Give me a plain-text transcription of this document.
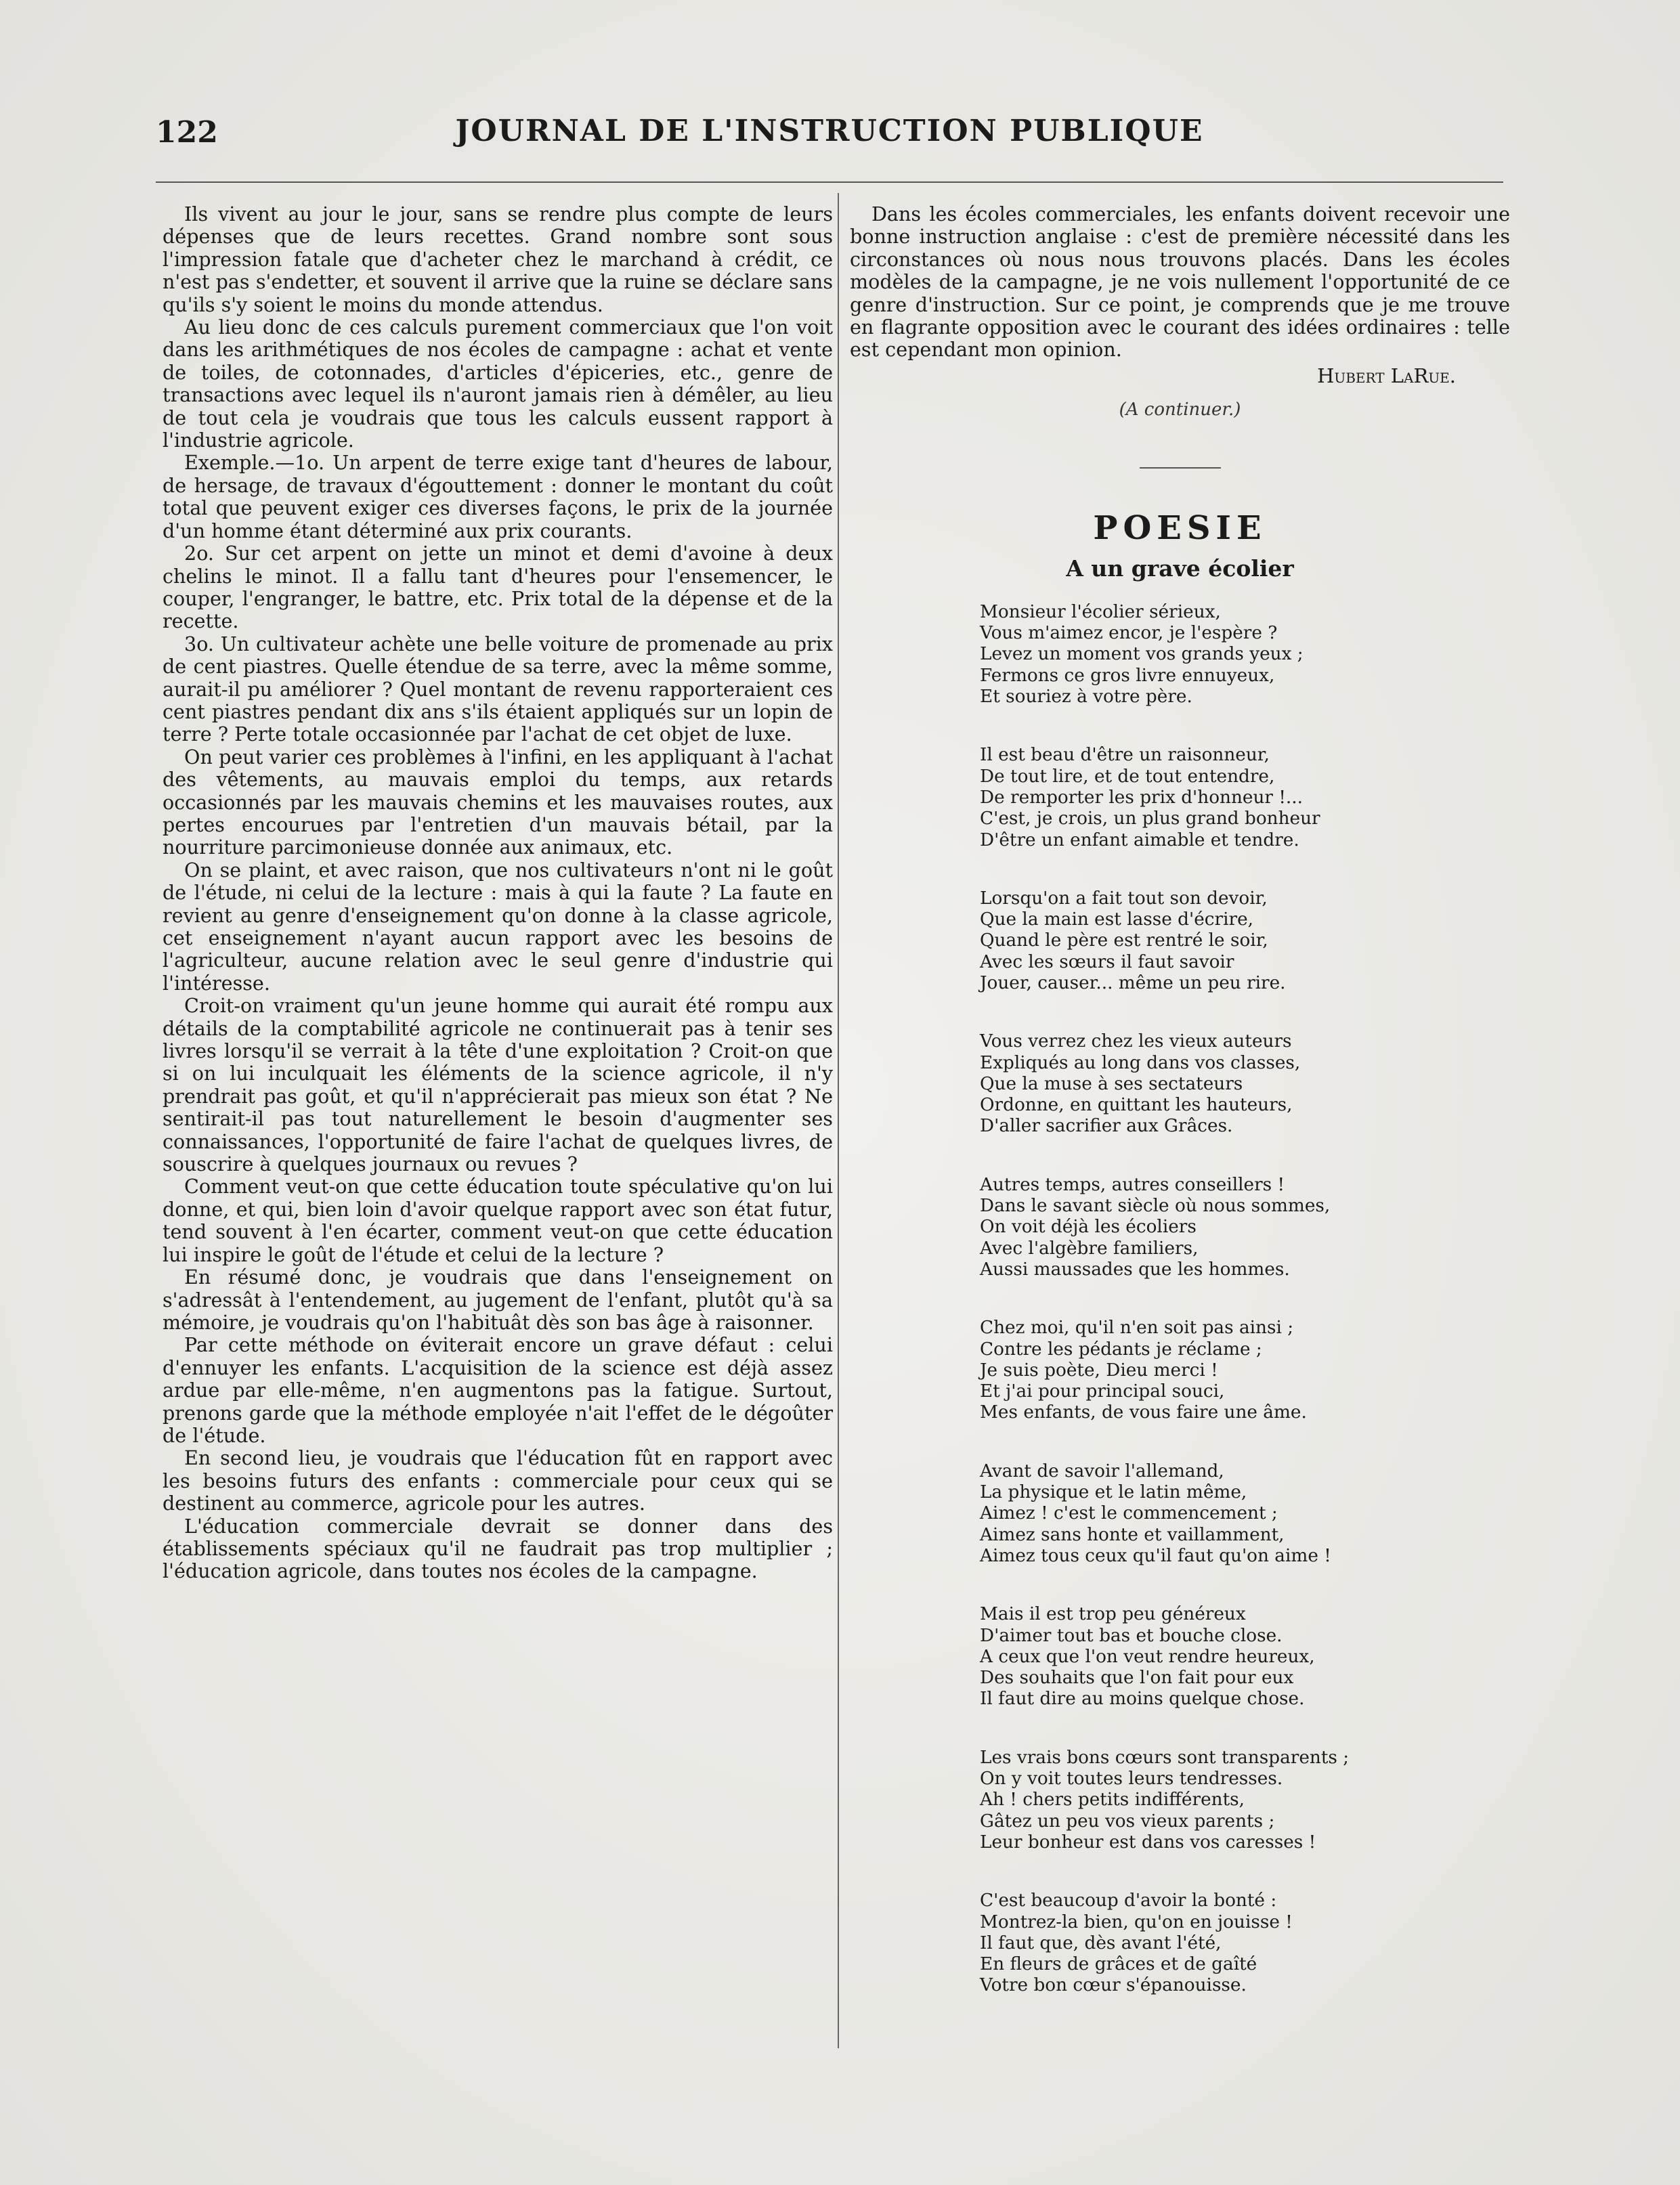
122	JOURNAL DE L'INSTRUCTION PUBLIQUE

Ils vivent au jour le jour, sans se rendre plus compte de leurs dépenses que de leurs recettes. Grand nombre sont sous l'impression fatale que d'acheter chez le marchand à crédit, ce n'est pas s'endetter, et souvent il arrive que la ruine se déclare sans qu'ils s'y soient le moins du monde attendus.

Au lieu donc de ces calculs purement commerciaux que l'on voit dans les arithmétiques de nos écoles de campagne : achat et vente de toiles, de cotonnades, d'articles d'épiceries, etc., genre de transactions avec lequel ils n'auront jamais rien à démêler, au lieu de tout cela je voudrais que tous les calculs eussent rapport à l'industrie agricole.

Exemple.—1o. Un arpent de terre exige tant d'heures de labour, de hersage, de travaux d'égouttement : donner le montant du coût total que peuvent exiger ces diverses façons, le prix de la journée d'un homme étant déterminé aux prix courants.

2o. Sur cet arpent on jette un minot et demi d'avoine à deux chelins le minot. Il a fallu tant d'heures pour l'ensemencer, le couper, l'engranger, le battre, etc. Prix total de la dépense et de la recette.

3o. Un cultivateur achète une belle voiture de promenade au prix de cent piastres. Quelle étendue de sa terre, avec la même somme, aurait-il pu améliorer ? Quel montant de revenu rapporteraient ces cent piastres pendant dix ans s'ils étaient appliqués sur un lopin de terre ? Perte totale occasionnée par l'achat de cet objet de luxe.

On peut varier ces problèmes à l'infini, en les appliquant à l'achat des vêtements, au mauvais emploi du temps, aux retards occasionnés par les mauvais chemins et les mauvaises routes, aux pertes encourues par l'entretien d'un mauvais bétail, par la nourriture parcimonieuse donnée aux animaux, etc.

On se plaint, et avec raison, que nos cultivateurs n'ont ni le goût de l'étude, ni celui de la lecture : mais à qui la faute ? La faute en revient au genre d'enseignement qu'on donne à la classe agricole, cet enseignement n'ayant aucun rapport avec les besoins de l'agriculteur, aucune relation avec le seul genre d'industrie qui l'intéresse.

Croit-on vraiment qu'un jeune homme qui aurait été rompu aux détails de la comptabilité agricole ne continuerait pas à tenir ses livres lorsqu'il se verrait à la tête d'une exploitation ? Croit-on que si on lui inculquait les éléments de la science agricole, il n'y prendrait pas goût, et qu'il n'apprécierait pas mieux son état ? Ne sentirait-il pas tout naturellement le besoin d'augmenter ses connaissances, l'opportunité de faire l'achat de quelques livres, de souscrire à quelques journaux ou revues ?

Comment veut-on que cette éducation toute spéculative qu'on lui donne, et qui, bien loin d'avoir quelque rapport avec son état futur, tend souvent à l'en écarter, comment veut-on que cette éducation lui inspire le goût de l'étude et celui de la lecture ?

En résumé donc, je voudrais que dans l'enseignement on s'adressât à l'entendement, au jugement de l'enfant, plutôt qu'à sa mémoire, je voudrais qu'on l'habituât dès son bas âge à raisonner.

Par cette méthode on éviterait encore un grave défaut : celui d'ennuyer les enfants. L'acquisition de la science est déjà assez ardue par elle-même, n'en augmentons pas la fatigue. Surtout, prenons garde que la méthode employée n'ait l'effet de le dégoûter de l'étude.

En second lieu, je voudrais que l'éducation fût en rapport avec les besoins futurs des enfants : commerciale pour ceux qui se destinent au commerce, agricole pour les autres.

L'éducation commerciale devrait se donner dans des établissements spéciaux qu'il ne faudrait pas trop multiplier ; l'éducation agricole, dans toutes nos écoles de la campagne.

Dans les écoles commerciales, les enfants doivent recevoir une bonne instruction anglaise : c'est de première nécessité dans les circonstances où nous nous trouvons placés. Dans les écoles modèles de la campagne, je ne vois nullement l'opportunité de ce genre d'instruction. Sur ce point, je comprends que je me trouve en flagrante opposition avec le courant des idées ordinaires : telle est cependant mon opinion.

Hubert LaRue.
(A continuer.)
POESIE
A un grave écolier
Monsieur l'écolier sérieux,
Vous m'aimez encor, je l'espère ?
Levez un moment vos grands yeux ;
Fermons ce gros livre ennuyeux,
Et souriez à votre père.
Il est beau d'être un raisonneur,
De tout lire, et de tout entendre,
De remporter les prix d'honneur !...
C'est, je crois, un plus grand bonheur
D'être un enfant aimable et tendre.
Lorsqu'on a fait tout son devoir,
Que la main est lasse d'écrire,
Quand le père est rentré le soir,
Avec les sœurs il faut savoir
Jouer, causer... même un peu rire.
Vous verrez chez les vieux auteurs
Expliqués au long dans vos classes,
Que la muse à ses sectateurs
Ordonne, en quittant les hauteurs,
D'aller sacrifier aux Grâces.
Autres temps, autres conseillers !
Dans le savant siècle où nous sommes,
On voit déjà les écoliers
Avec l'algèbre familiers,
Aussi maussades que les hommes.
Chez moi, qu'il n'en soit pas ainsi ;
Contre les pédants je réclame ;
Je suis poète, Dieu merci !
Et j'ai pour principal souci,
Mes enfants, de vous faire une âme.
Avant de savoir l'allemand,
La physique et le latin même,
Aimez ! c'est le commencement ;
Aimez sans honte et vaillamment,
Aimez tous ceux qu'il faut qu'on aime !
Mais il est trop peu généreux
D'aimer tout bas et bouche close.
A ceux que l'on veut rendre heureux,
Des souhaits que l'on fait pour eux
Il faut dire au moins quelque chose.
Les vrais bons cœurs sont transparents ;
On y voit toutes leurs tendresses.
Ah ! chers petits indifférents,
Gâtez un peu vos vieux parents ;
Leur bonheur est dans vos caresses !
C'est beaucoup d'avoir la bonté :
Montrez-la bien, qu'on en jouisse !
Il faut que, dès avant l'été,
En fleurs de grâces et de gaîté
Votre bon cœur s'épanouisse.
